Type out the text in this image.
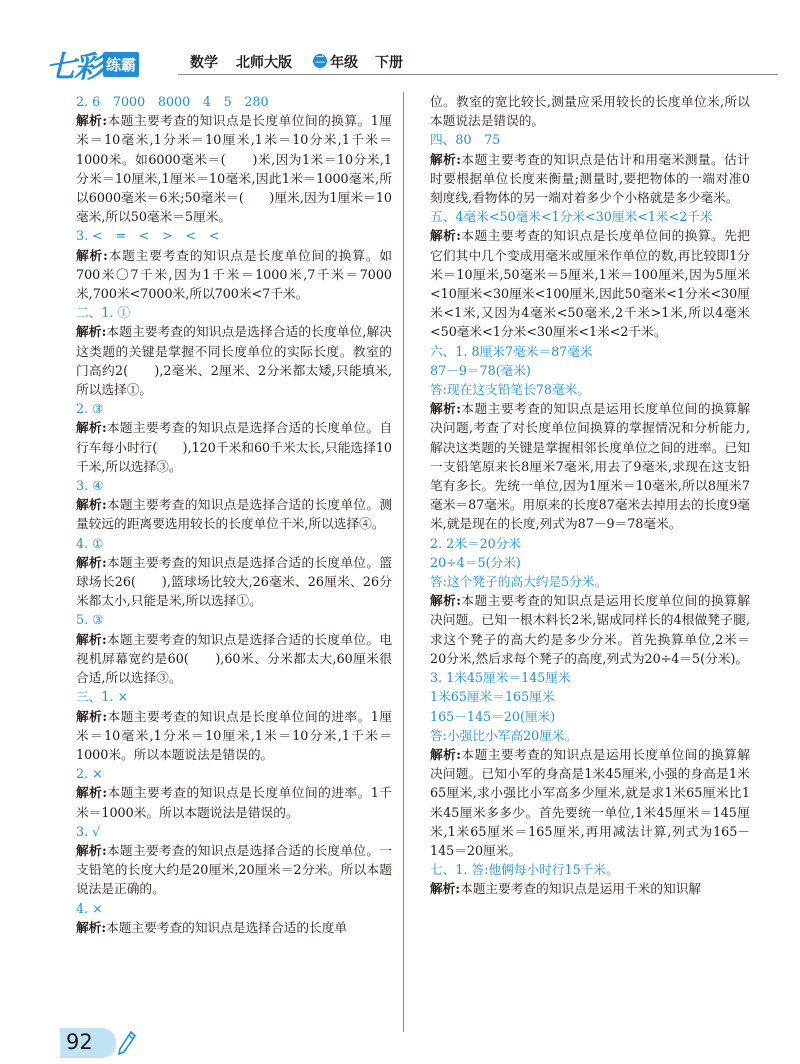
七彩 练霸	数学 北师大版 二 年级 下册

2. 6　7000　8000　4　5　280

解析:本题主要考查的知识点是长度单位间的换算。1厘米＝10毫米,1分米＝10厘米,1米＝10分米,1千米＝1000米。如6000毫米＝(　　)米,因为1米＝10分米,1分米＝10厘米,1厘米＝10毫米,因此1米＝1000毫米,所以6000毫米＝6米;50毫米＝(　　)厘米,因为1厘米＝10毫米,所以50毫米＝5厘米。

3. <　=　<　>　<　<

解析:本题主要考查的知识点是长度单位间的换算。如700米〇7千米,因为1千米＝1000米,7千米＝7000米,700米<7000米,所以700米<7千米。

二、1. ①

解析:本题主要考查的知识点是选择合适的长度单位,解决这类题的关键是掌握不同长度单位的实际长度。教室的门高约2(　　),2毫米、2厘米、2分米都太矮,只能填米,所以选择①。

2. ③

解析:本题主要考查的知识点是选择合适的长度单位。自行车每小时行(　　),120千米和60千米太长,只能选择10千米,所以选择③。

3. ④

解析:本题主要考查的知识点是选择合适的长度单位。测量较远的距离要选用较长的长度单位千米,所以选择④。

4. ①

解析:本题主要考查的知识点是选择合适的长度单位。篮球场长26(　　),篮球场比较大,26毫米、26厘米、26分米都太小,只能是米,所以选择①。

5. ③

解析:本题主要考查的知识点是选择合适的长度单位。电视机屏幕宽约是60(　　),60米、分米都太大,60厘米很合适,所以选择③。

三、1. ×

解析:本题主要考查的知识点是长度单位间的进率。1厘米＝10毫米,1分米＝10厘米,1米＝10分米,1千米＝1000米。所以本题说法是错误的。

2. ×

解析:本题主要考查的知识点是长度单位间的进率。1千米＝1000米。所以本题说法是错误的。

3. √

解析:本题主要考查的知识点是选择合适的长度单位。一支铅笔的长度大约是20厘米,20厘米＝2分米。所以本题说法是正确的。

4. ×

解析:本题主要考查的知识点是选择合适的长度单

位。教室的宽比较长,测量应采用较长的长度单位米,所以本题说法是错误的。

四、80　75

解析:本题主要考查的知识点是估计和用毫米测量。估计时要根据单位长度来衡量;测量时,要把物体的一端对准0刻度线,看物体的另一端对着多少个小格就是多少毫米。

五、4毫米<50毫米<1分米<30厘米<1米<2千米

解析:本题主要考查的知识点是长度单位间的换算。先把它们其中几个变成用毫米或厘米作单位的数,再比较即1分米＝10厘米,50毫米＝5厘米,1米＝100厘米,因为5厘米<10厘米<30厘米<100厘米,因此50毫米<1分米<30厘米<1米,又因为4毫米<50毫米,2千米>1米,所以4毫米<50毫米<1分米<30厘米<1米<2千米。

六、1. 8厘米7毫米＝87毫米

87－9＝78(毫米)

答:现在这支铅笔长78毫米。

解析:本题主要考查的知识点是运用长度单位间的换算解决问题,考查了对长度单位间换算的掌握情况和分析能力,解决这类题的关键是掌握相邻长度单位之间的进率。已知一支铅笔原来长8厘米7毫米,用去了9毫米,求现在这支铅笔有多长。先统一单位,因为1厘米＝10毫米,所以8厘米7毫米＝87毫米。用原来的长度87毫米去掉用去的长度9毫米,就是现在的长度,列式为87－9＝78毫米。

2. 2米＝20分米

20÷4＝5(分米)

答:这个凳子的高大约是5分米。

解析:本题主要考查的知识点是运用长度单位间的换算解决问题。已知一根木料长2米,锯成同样长的4根做凳子腿,求这个凳子的高大约是多少分米。首先换算单位,2米＝20分米,然后求每个凳子的高度,列式为20÷4＝5(分米)。

3. 1米45厘米＝145厘米

1米65厘米＝165厘米

165－145＝20(厘米)

答:小强比小军高20厘米。

解析:本题主要考查的知识点是运用长度单位间的换算解决问题。已知小军的身高是1米45厘米,小强的身高是1米65厘米,求小强比小军高多少厘米,就是求1米65厘米比1米45厘米多多少。首先要统一单位,1米45厘米＝145厘米,1米65厘米＝165厘米,再用减法计算,列式为165－145＝20厘米。

七、1. 答:他俩每小时行15千米。

解析:本题主要考查的知识点是运用千米的知识解

92
